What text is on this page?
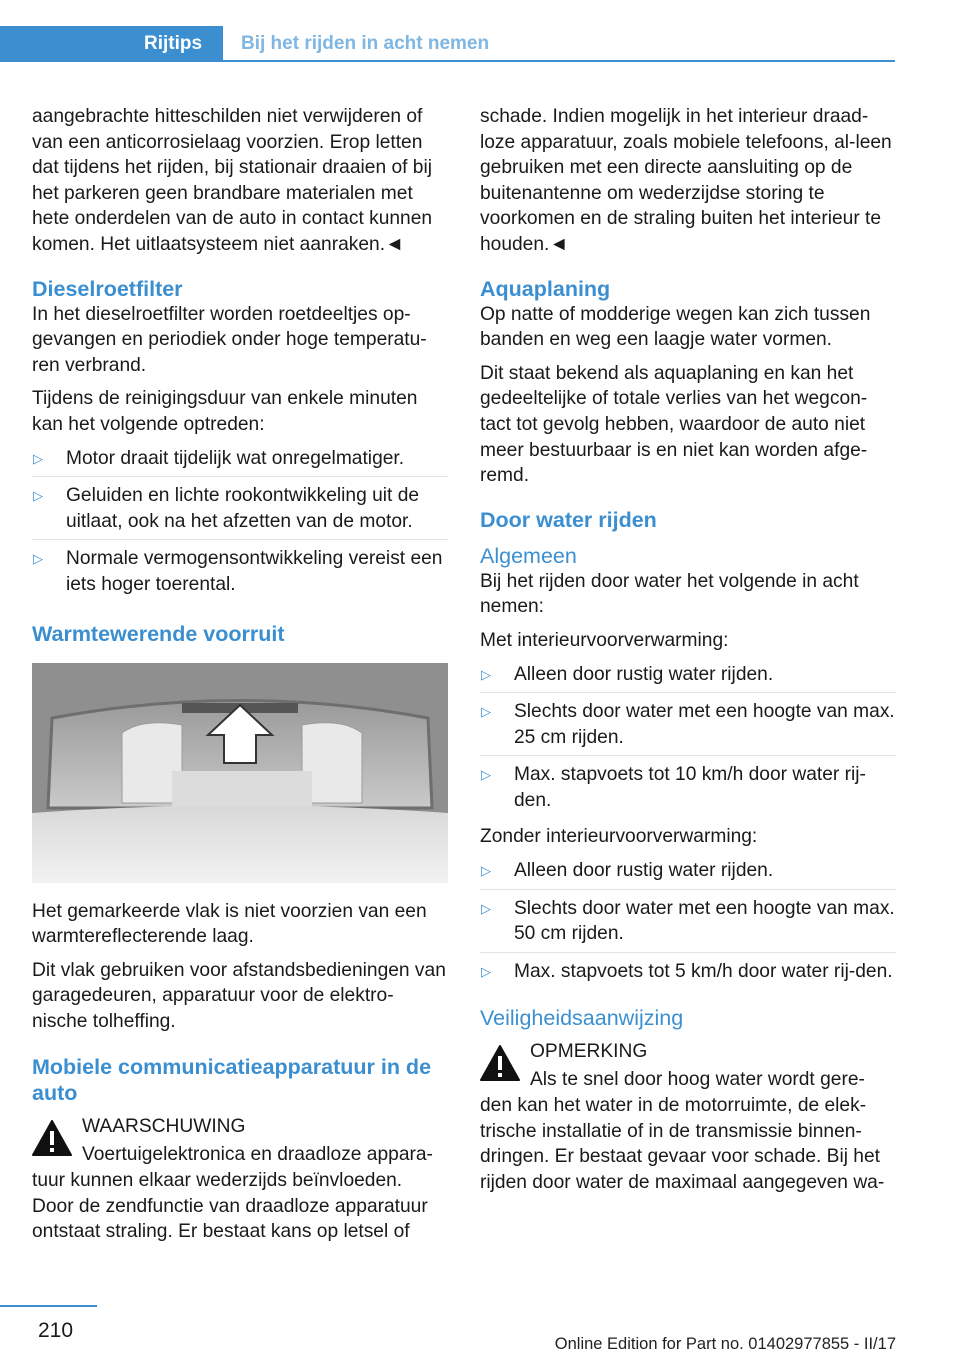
Rijtips	Bij het rijden in acht nemen

aangebrachte hitteschilden niet verwijderen of van een anticorrosielaag voorzien. Erop letten dat tijdens het rijden, bij stationair draaien of bij het parkeren geen brandbare materialen met hete onderdelen van de auto in contact kunnen komen. Het uitlaatsysteem niet aanraken.◄

Dieselroetfilter

In het dieselroetfilter worden roetdeeltjes op‐gevangen en periodiek onder hoge temperatu‐ren verbrand.

Tijdens de reinigingsduur van enkele minuten kan het volgende optreden:

▷ Motor draait tijdelijk wat onregelmatiger.
▷ Geluiden en lichte rookontwikkeling uit de uitlaat, ook na het afzetten van de motor.
▷ Normale vermogensontwikkeling vereist een iets hoger toerental.
Warmtewerende voorruit

Het gemarkeerde vlak is niet voorzien van een warmtereflecterende laag.

Dit vlak gebruiken voor afstandsbedieningen van garagedeuren, apparatuur voor de elektro‐nische tolheffing.

Mobiele communicatieapparatuur in de auto
WAARSCHUWING

Voertuigelektronica en draadloze appara‐tuur kunnen elkaar wederzijds beïnvloeden. Door de zendfunctie van draadloze apparatuur ontstaat straling. Er bestaat kans op letsel of

schade. Indien mogelijk in het interieur draad‐loze apparatuur, zoals mobiele telefoons, al‐leen gebruiken met een directe aansluiting op de buitenantenne om wederzijdse storing te voorkomen en de straling buiten het interieur te houden.◄

Aquaplaning

Op natte of modderige wegen kan zich tussen banden en weg een laagje water vormen.

Dit staat bekend als aquaplaning en kan het gedeeltelijke of totale verlies van het wegcon‐tact tot gevolg hebben, waardoor de auto niet meer bestuurbaar is en niet kan worden afge‐remd.

Door water rijden
Algemeen

Bij het rijden door water het volgende in acht nemen:

Met interieurvoorverwarming:

▷ Alleen door rustig water rijden.
▷ Slechts door water met een hoogte van max. 25 cm rijden.
▷ Max. stapvoets tot 10 km/h door water rij‐den.

Zonder interieurvoorverwarming:

▷ Alleen door rustig water rijden.
▷ Slechts door water met een hoogte van max. 50 cm rijden.
▷ Max. stapvoets tot 5 km/h door water rij‐den.
Veiligheidsaanwijzing
OPMERKING

Als te snel door hoog water wordt gere‐den kan het water in de motorruimte, de elek‐trische installatie of in de transmissie binnen‐dringen. Er bestaat gevaar voor schade. Bij het rijden door water de maximaal aangegeven wa-

210
Online Edition for Part no. 01402977855 - II/17
